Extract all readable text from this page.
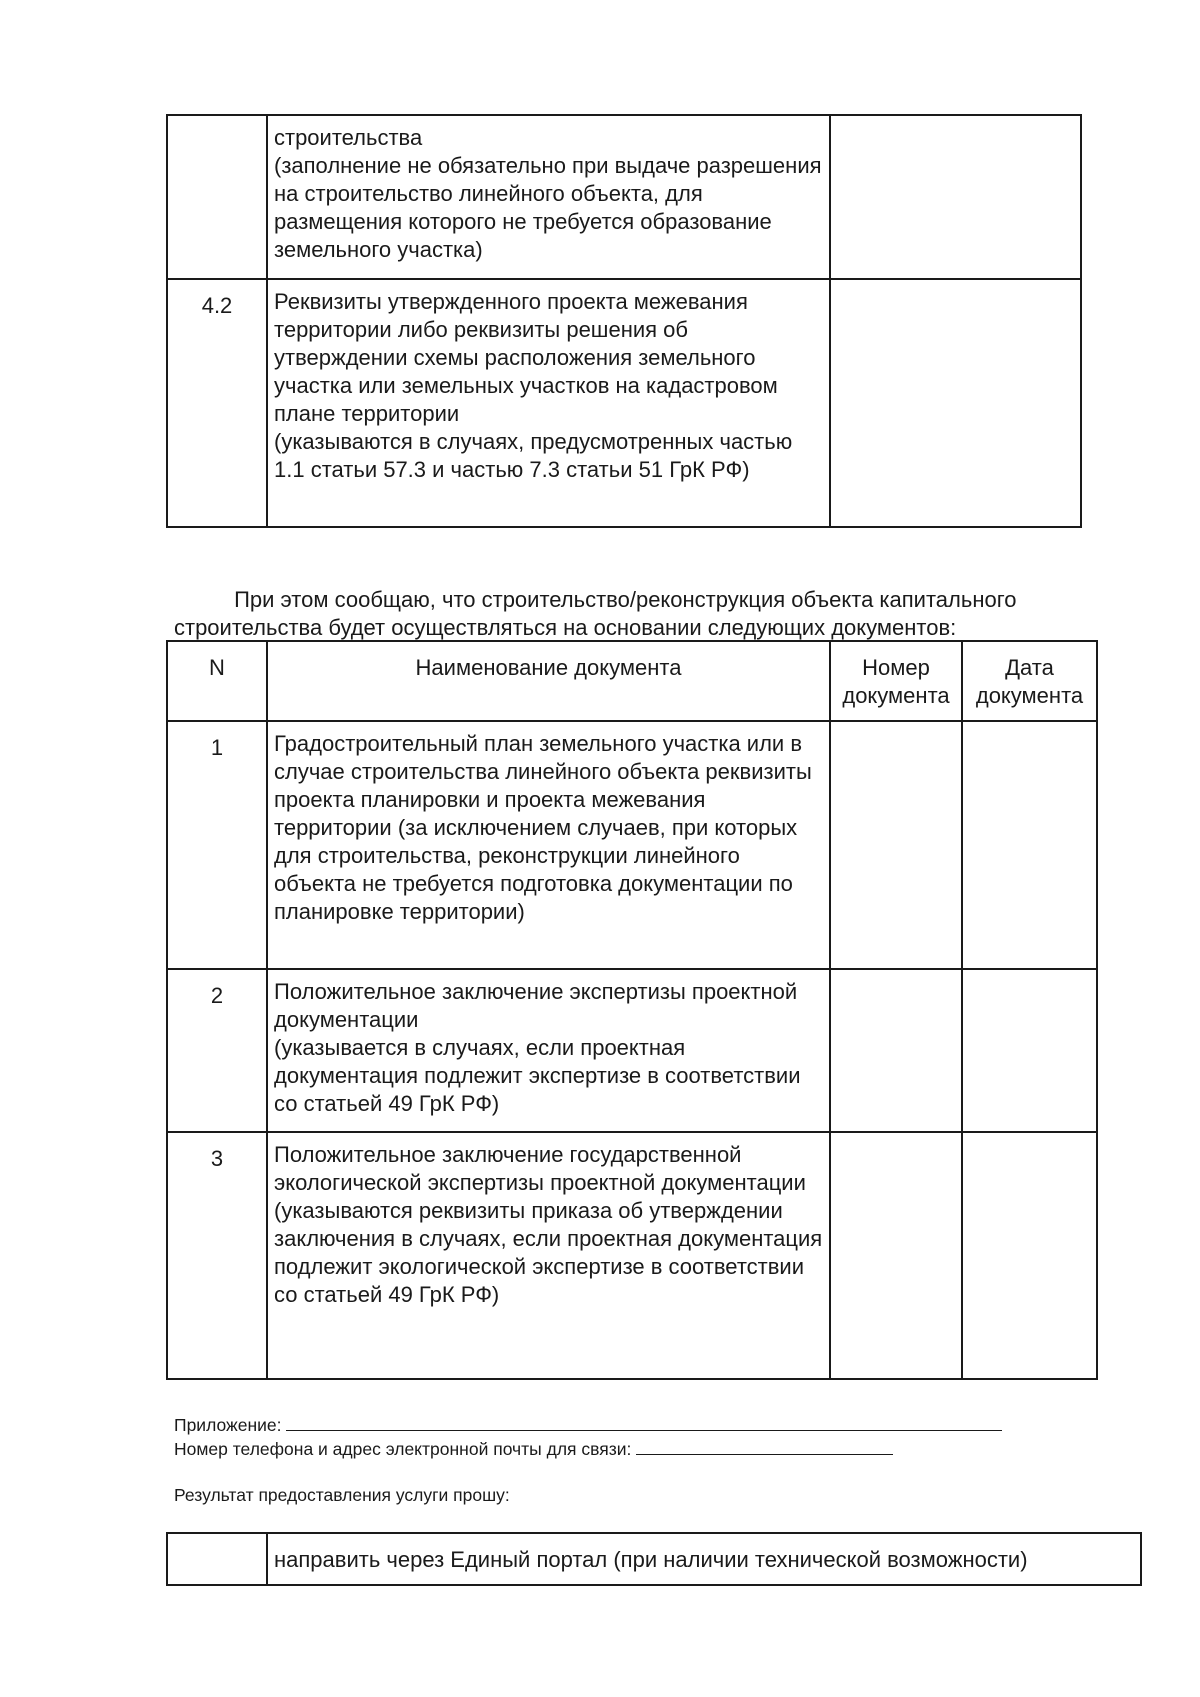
	строительства
(заполнение не обязательно при выдаче разрешения на строительство линейного объекта, для размещения которого не требуется образование земельного участка)	

4.2	Реквизиты утвержденного проекта межевания территории либо реквизиты решения об утверждении схемы расположения земельного участка или земельных участков на кадастровом плане территории
(указываются в случаях, предусмотренных частью 1.1 статьи 57.3 и частью 7.3 статьи 51 ГрК РФ)	

При этом сообщаю, что строительство/реконструкция объекта капитального строительства будет осуществляться на основании следующих документов:

N	Наименование документа	Номер документа	Дата документа

1	Градостроительный план земельного участка или в случае строительства линейного объекта реквизиты проекта планировки и проекта межевания территории (за исключением случаев, при которых для строительства, реконструкции линейного объекта не требуется подготовка документации по планировке территории)		

2	Положительное заключение экспертизы проектной документации
(указывается в случаях, если проектная документация подлежит экспертизе в соответствии со статьей 49 ГрК РФ)		

3	Положительное заключение государственной экологической экспертизы проектной документации
(указываются реквизиты приказа об утверждении заключения в случаях, если проектная документация подлежит экологической экспертизе в соответствии со статьей 49 ГрК РФ)		

Приложение:
Номер телефона и адрес электронной почты для связи:
Результат предоставления услуги прошу:

направить через Единый портал (при наличии технической возможности)
